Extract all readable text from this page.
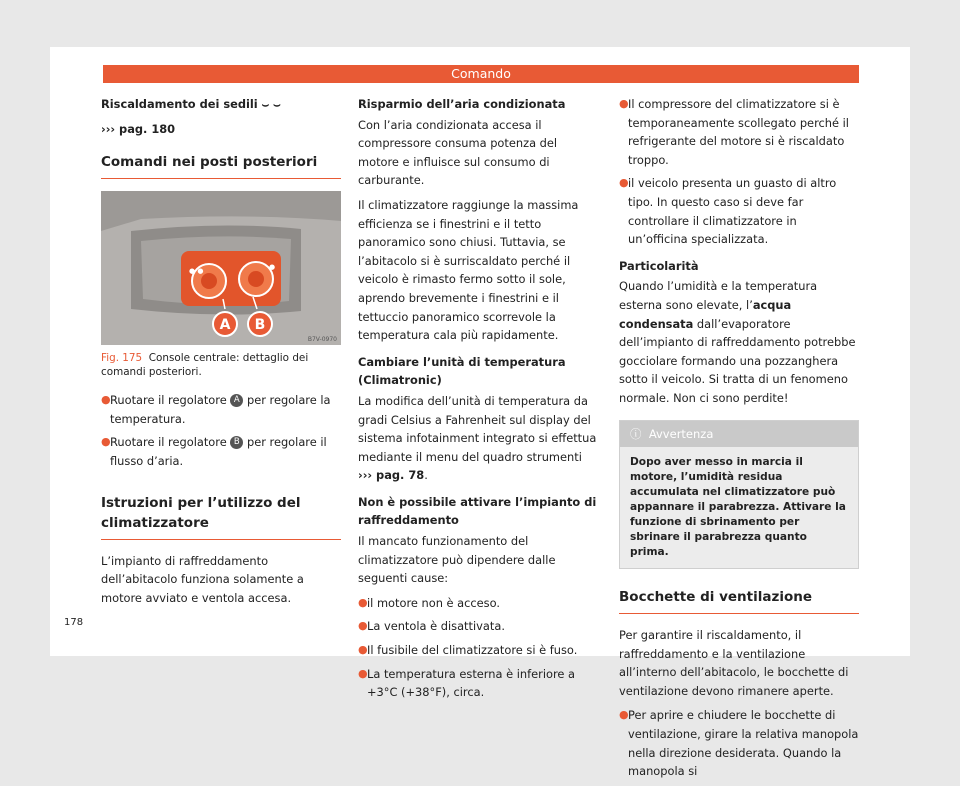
Comando

Riscaldamento dei sedili ⌣ ⌣

››› pag. 180

Comandi nei posti posteriori
● ●	●
A B
B7V-0970
Fig. 175 Console centrale: dettaglio dei comandi posteriori.
● Ruotare il regolatore A per regolare la temperatura.
● Ruotare il regolatore B per regolare il flusso d’aria.
Istruzioni per l’utilizzo del climatizzatore

L’impianto di raffreddamento dell’abitacolo funziona solamente a motore avviato e ventola accesa.

Risparmio dell’aria condizionata

Con l’aria condizionata accesa il compressore consuma potenza del motore e influisce sul consumo di carburante.

Il climatizzatore raggiunge la massima efficienza se i finestrini e il tetto panoramico sono chiusi. Tuttavia, se l’abitacolo si è surriscaldato perché il veicolo è rimasto fermo sotto il sole, aprendo brevemente i finestrini e il tettuccio panoramico scorrevole la temperatura cala più rapidamente.

Cambiare l’unità di temperatura (Climatronic)

La modifica dell’unità di temperatura da gradi Celsius a Fahrenheit sul display del sistema infotainment integrato si effettua mediante il menu del quadro strumenti ››› pag. 78.

Non è possibile attivare l’impianto di raffreddamento

Il mancato funzionamento del climatizzatore può dipendere dalle seguenti cause:

● il motore non è acceso.
● La ventola è disattivata.
● Il fusibile del climatizzatore si è fuso.
● La temperatura esterna è inferiore a +3°C (+38°F), circa.
● Il compressore del climatizzatore si è temporaneamente scollegato perché il refrigerante del motore si è riscaldato troppo.
● il veicolo presenta un guasto di altro tipo. In questo caso si deve far controllare il climatizzatore in un’officina specializzata.
Particolarità

Quando l’umidità e la temperatura esterna sono elevate, l’acqua condensata dall’evaporatore dell’impianto di raffreddamento potrebbe gocciolare formando una pozzanghera sotto il veicolo. Si tratta di un fenomeno normale. Non ci sono perdite!

ⓘ Avvertenza
Dopo aver messo in marcia il motore, l’umidità residua accumulata nel climatizzatore può appannare il parabrezza. Attivare la funzione di sbrinamento per sbrinare il parabrezza quanto prima.
Bocchette di ventilazione

Per garantire il riscaldamento, il raffreddamento e la ventilazione all’interno dell’abitacolo, le bocchette di ventilazione devono rimanere aperte.

● Per aprire e chiudere le bocchette di ventilazione, girare la relativa manopola nella direzione desiderata. Quando la manopola si
178
